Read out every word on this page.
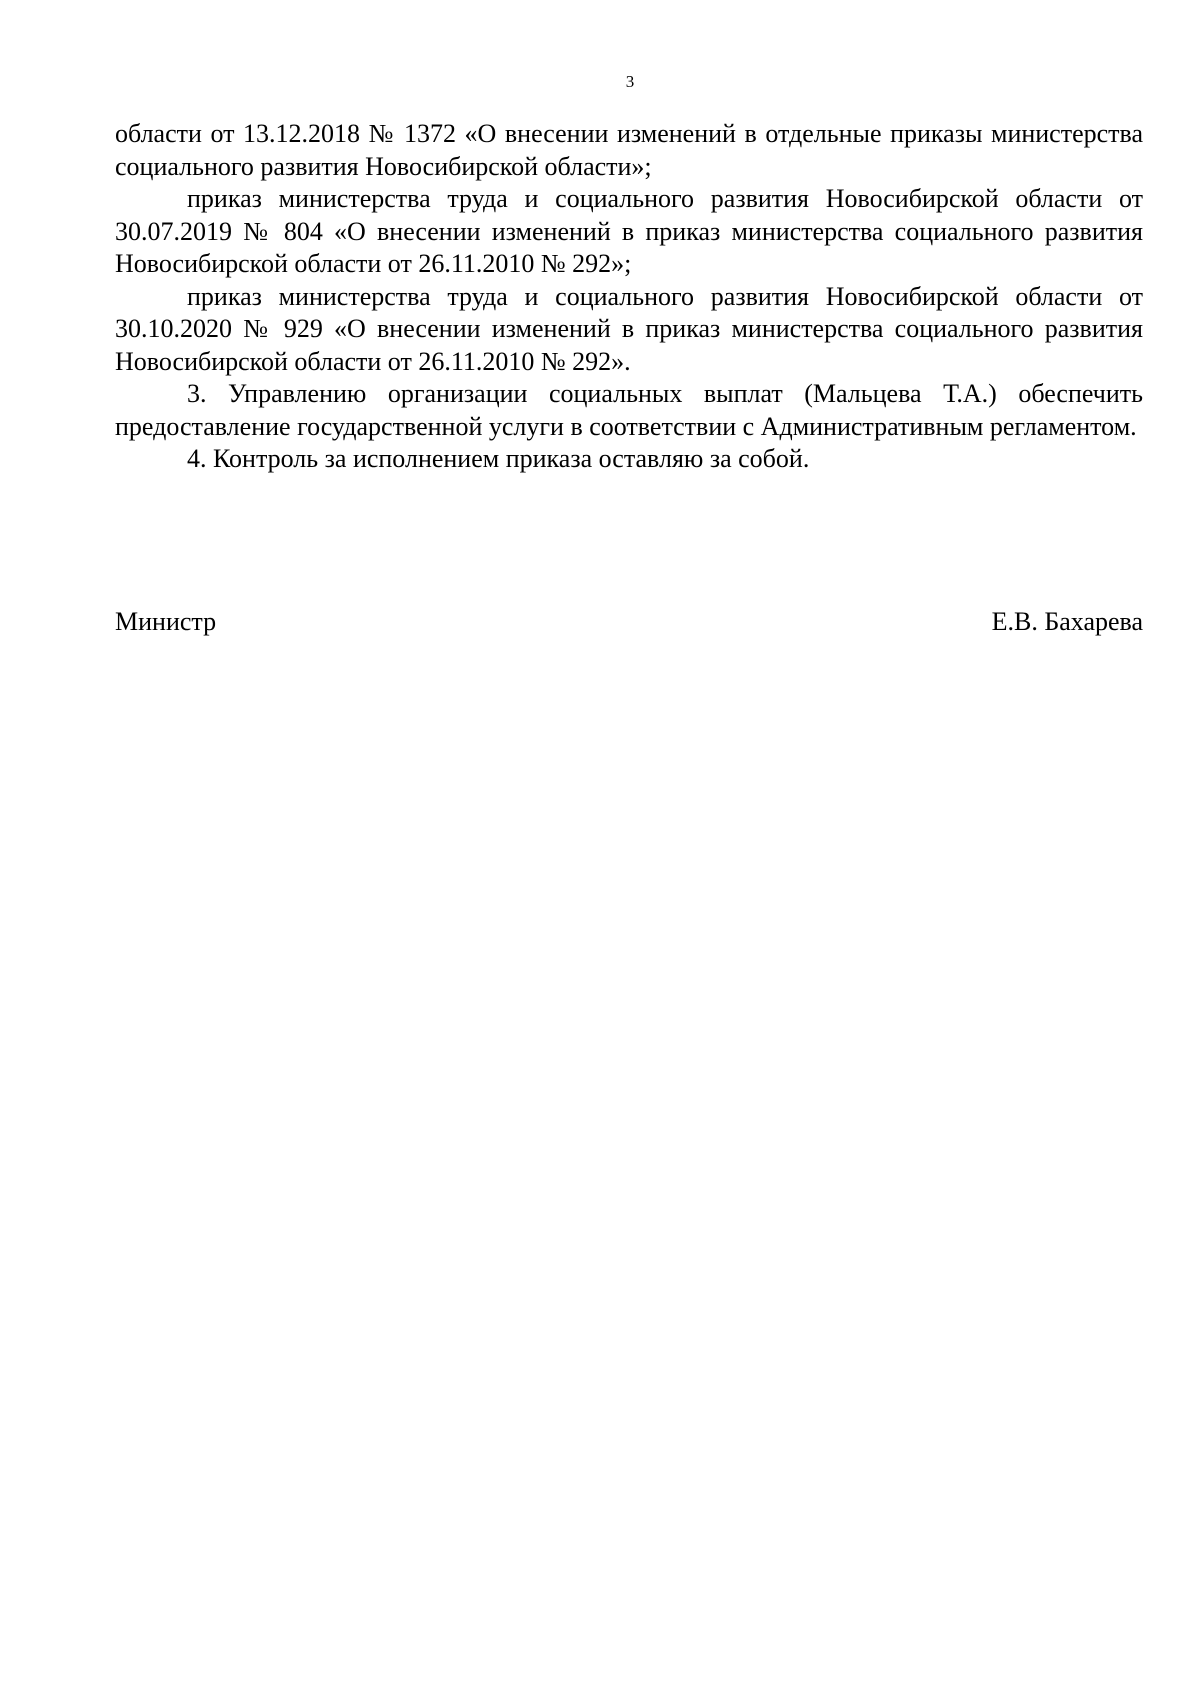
3

области от 13.12.2018 № 1372 «О внесении изменений в отдельные приказы министерства социального развития Новосибирской области»;

приказ министерства труда и социального развития Новосибирской области от 30.07.2019 № 804 «О внесении изменений в приказ министерства социального развития Новосибирской области от 26.11.2010 № 292»;

приказ министерства труда и социального развития Новосибирской области от 30.10.2020 № 929 «О внесении изменений в приказ министерства социального развития Новосибирской области от 26.11.2010 № 292».

3. Управлению организации социальных выплат (Мальцева Т.А.) обеспечить предоставление государственной услуги в соответствии с Административным регламентом.

4. Контроль за исполнением приказа оставляю за собой.

Министр	Е.В. Бахарева
